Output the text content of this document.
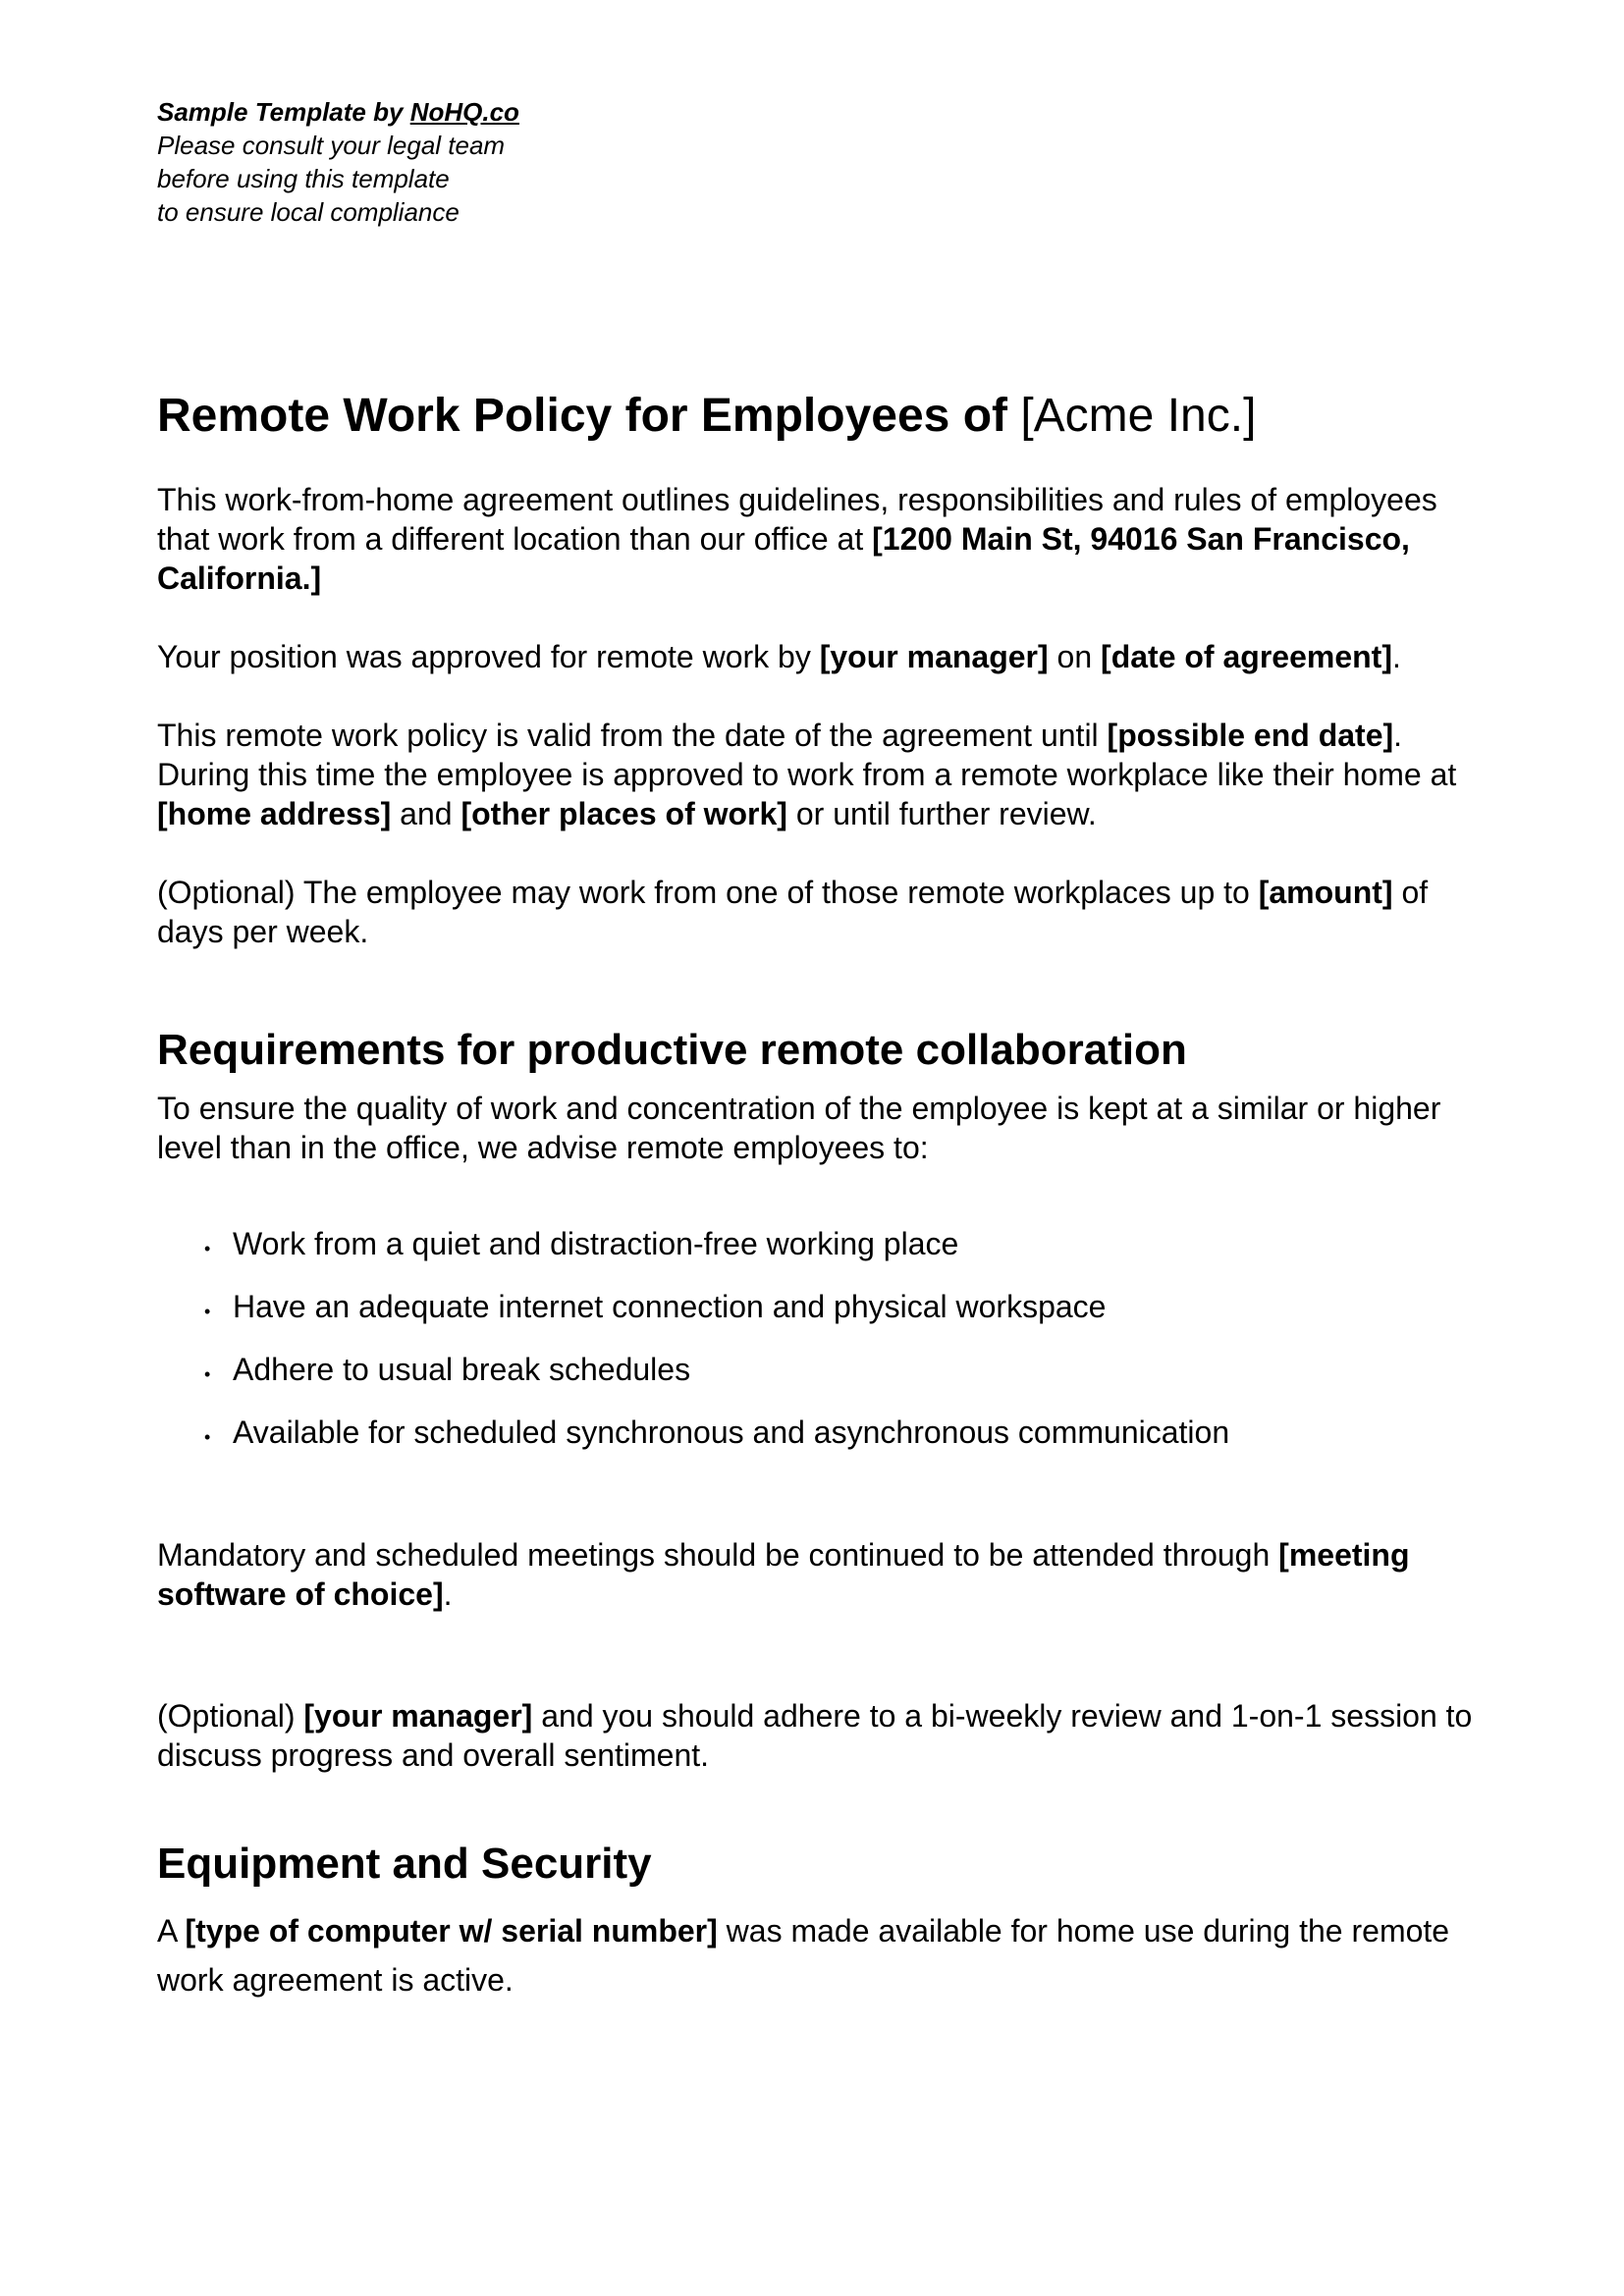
Sample Template by NoHQ.co
Please consult your legal team
before using this template
to ensure local compliance
Remote Work Policy for Employees of [Acme Inc.]

This work-from-home agreement outlines guidelines, responsibilities and rules of employees that work from a different location than our office at [1200 Main St, 94016 San Francisco, California.]

Your position was approved for remote work by [your manager] on [date of agreement].

This remote work policy is valid from the date of the agreement until [possible end date]. During this time the employee is approved to work from a remote workplace like their home at [home address] and [other places of work] or until further review.

(Optional) The employee may work from one of those remote workplaces up to [amount] of days per week.

Requirements for productive remote collaboration

To ensure the quality of work and concentration of the employee is kept at a similar or higher level than in the office, we advise remote employees to:

• Work from a quiet and distraction-free working place
• Have an adequate internet connection and physical workspace
• Adhere to usual break schedules
• Available for scheduled synchronous and asynchronous communication

Mandatory and scheduled meetings should be continued to be attended through [meeting software of choice].

(Optional) [your manager] and you should adhere to a bi-weekly review and 1-on-1 session to discuss progress and overall sentiment.

Equipment and Security

A [type of computer w/ serial number] was made available for home use during the remote work agreement is active.
